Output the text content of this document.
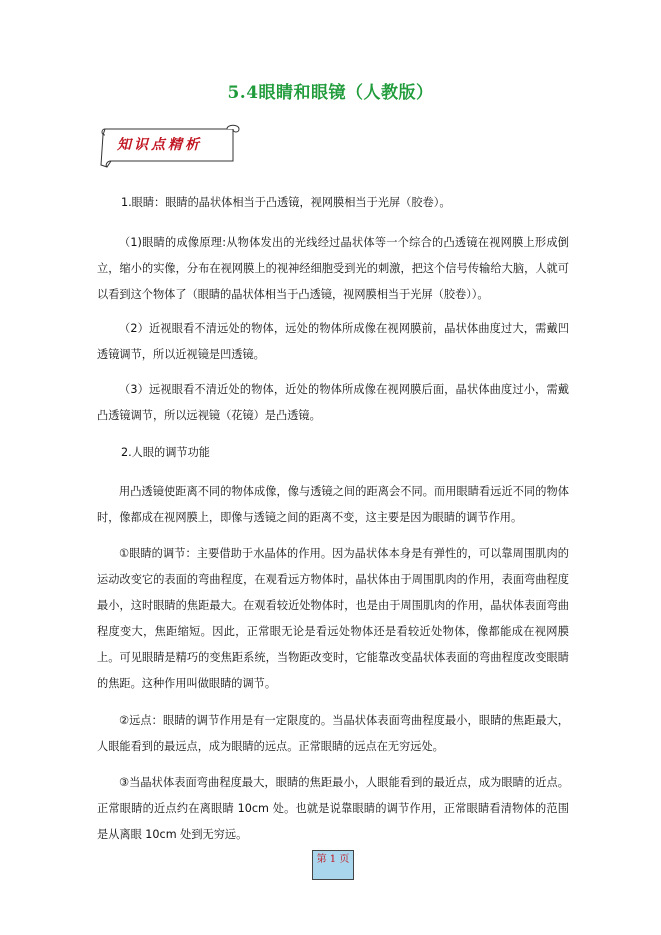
5.4眼睛和眼镜（人教版）
知识点精析

1.眼睛：眼睛的晶状体相当于凸透镜，视网膜相当于光屏（胶卷）。

（1)眼睛的成像原理:从物体发出的光线经过晶状体等一个综合的凸透镜在视网膜上形成倒立，缩小的实像，分布在视网膜上的视神经细胞受到光的刺激，把这个信号传输给大脑，人就可以看到这个物体了（眼睛的晶状体相当于凸透镜，视网膜相当于光屏（胶卷））。

（2）近视眼看不清远处的物体，远处的物体所成像在视网膜前，晶状体曲度过大，需戴凹透镜调节，所以近视镜是凹透镜。

（3）远视眼看不清近处的物体，近处的物体所成像在视网膜后面，晶状体曲度过小，需戴凸透镜调节，所以远视镜（花镜）是凸透镜。

2.人眼的调节功能

用凸透镜使距离不同的物体成像，像与透镜之间的距离会不同。而用眼睛看远近不同的物体时，像都成在视网膜上，即像与透镜之间的距离不变，这主要是因为眼睛的调节作用。

①眼睛的调节：主要借助于水晶体的作用。因为晶状体本身是有弹性的，可以靠周围肌肉的运动改变它的表面的弯曲程度，在观看远方物体时，晶状体由于周围肌肉的作用，表面弯曲程度最小，这时眼睛的焦距最大。在观看较近处物体时，也是由于周围肌肉的作用，晶状体表面弯曲程度变大，焦距缩短。因此，正常眼无论是看远处物体还是看较近处物体，像都能成在视网膜上。可见眼睛是精巧的变焦距系统，当物距改变时，它能靠改变晶状体表面的弯曲程度改变眼睛的焦距。这种作用叫做眼睛的调节。

②远点：眼睛的调节作用是有一定限度的。当晶状体表面弯曲程度最小，眼睛的焦距最大，人眼能看到的最远点，成为眼睛的远点。正常眼睛的远点在无穷远处。

③当晶状体表面弯曲程度最大，眼睛的焦距最小，人眼能看到的最近点，成为眼睛的近点。正常眼睛的近点约在离眼睛 10cm 处。也就是说靠眼睛的调节作用，正常眼睛看清物体的范围是从离眼 10cm 处到无穷远。

第 1 页
